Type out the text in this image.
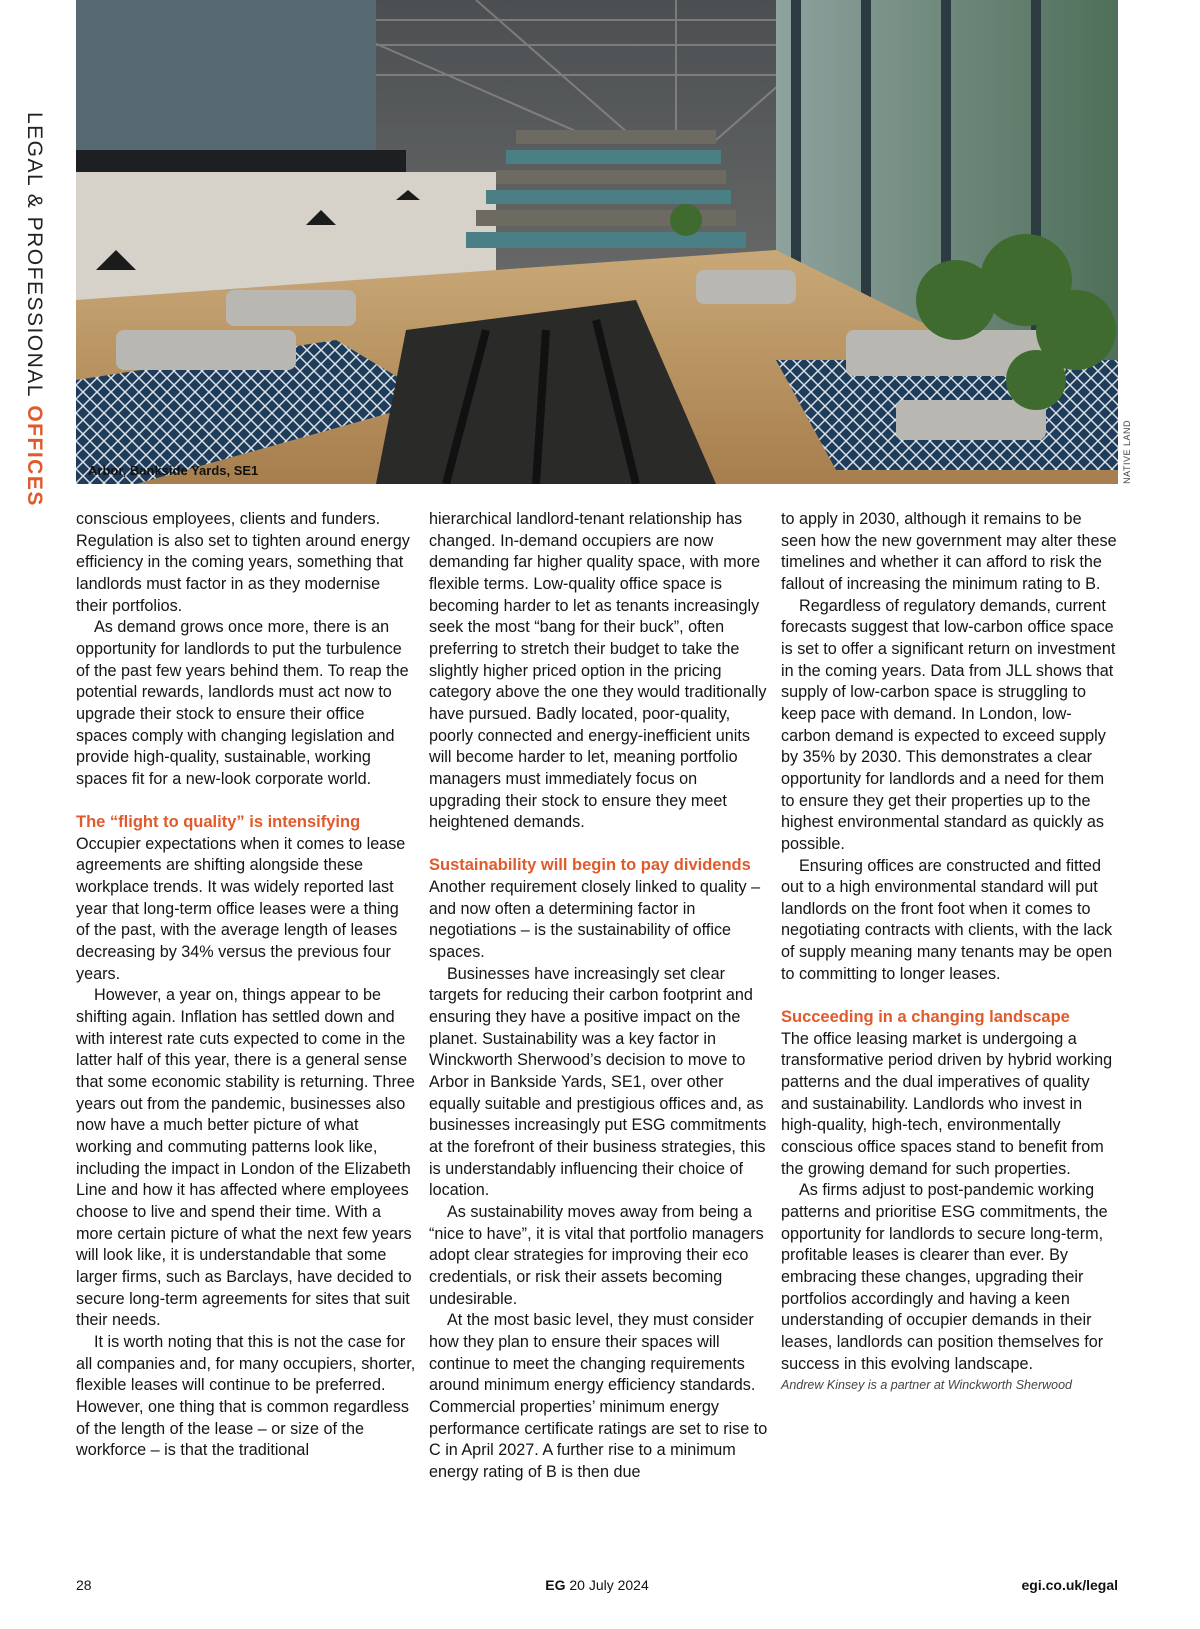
LEGAL & PROFESSIONAL OFFICES	Arbor, Bankside Yards, SE1	NATIVE LAND

conscious employees, clients and funders. Regulation is also set to tighten around energy efficiency in the coming years, something that landlords must factor in as they modernise their portfolios.

As demand grows once more, there is an opportunity for landlords to put the turbulence of the past few years behind them. To reap the potential rewards, landlords must act now to upgrade their stock to ensure their office spaces comply with changing legislation and provide high-quality, sustainable, working spaces fit for a new-look corporate world.

The “flight to quality” is intensifying

Occupier expectations when it comes to lease agreements are shifting alongside these workplace trends. It was widely reported last year that long-term office leases were a thing of the past, with the average length of leases decreasing by 34% versus the previous four years.

However, a year on, things appear to be shifting again. Inflation has settled down and with interest rate cuts expected to come in the latter half of this year, there is a general sense that some economic stability is returning. Three years out from the pandemic, businesses also now have a much better picture of what working and commuting patterns look like, including the impact in London of the Elizabeth Line and how it has affected where employees choose to live and spend their time. With a more certain picture of what the next few years will look like, it is understandable that some larger firms, such as Barclays, have decided to secure long-term agreements for sites that suit their needs.

It is worth noting that this is not the case for all companies and, for many occupiers, shorter, flexible leases will continue to be preferred. However, one thing that is common regardless of the length of the lease – or size of the workforce – is that the traditional

hierarchical landlord-tenant relationship has changed. In-demand occupiers are now demanding far higher quality space, with more flexible terms. Low-quality office space is becoming harder to let as tenants increasingly seek the most “bang for their buck”, often preferring to stretch their budget to take the slightly higher priced option in the pricing category above the one they would traditionally have pursued. Badly located, poor-quality, poorly connected and energy-inefficient units will become harder to let, meaning portfolio managers must immediately focus on upgrading their stock to ensure they meet heightened demands.

Sustainability will begin to pay dividends

Another requirement closely linked to quality – and now often a determining factor in negotiations – is the sustainability of office spaces.

Businesses have increasingly set clear targets for reducing their carbon footprint and ensuring they have a positive impact on the planet. Sustainability was a key factor in Winckworth Sherwood’s decision to move to Arbor in Bankside Yards, SE1, over other equally suitable and prestigious offices and, as businesses increasingly put ESG commitments at the forefront of their business strategies, this is understandably influencing their choice of location.

As sustainability moves away from being a “nice to have”, it is vital that portfolio managers adopt clear strategies for improving their eco credentials, or risk their assets becoming undesirable.

At the most basic level, they must consider how they plan to ensure their spaces will continue to meet the changing requirements around minimum energy efficiency standards. Commercial properties’ minimum energy performance certificate ratings are set to rise to C in April 2027. A further rise to a minimum energy rating of B is then due

to apply in 2030, although it remains to be seen how the new government may alter these timelines and whether it can afford to risk the fallout of increasing the minimum rating to B.

Regardless of regulatory demands, current forecasts suggest that low-carbon office space is set to offer a significant return on investment in the coming years. Data from JLL shows that supply of low-carbon space is struggling to keep pace with demand. In London, low-carbon demand is expected to exceed supply by 35% by 2030. This demonstrates a clear opportunity for landlords and a need for them to ensure they get their properties up to the highest environmental standard as quickly as possible.

Ensuring offices are constructed and fitted out to a high environmental standard will put landlords on the front foot when it comes to negotiating contracts with clients, with the lack of supply meaning many tenants may be open to committing to longer leases.

Succeeding in a changing landscape

The office leasing market is undergoing a transformative period driven by hybrid working patterns and the dual imperatives of quality and sustainability. Landlords who invest in high-quality, high-tech, environmentally conscious office spaces stand to benefit from the growing demand for such properties.

As firms adjust to post-pandemic working patterns and prioritise ESG commitments, the opportunity for landlords to secure long-term, profitable leases is clearer than ever. By embracing these changes, upgrading their portfolios accordingly and having a keen understanding of occupier demands in their leases, landlords can position themselves for success in this evolving landscape.

Andrew Kinsey is a partner at Winckworth Sherwood

28	EG 20 July 2024	egi.co.uk/legal
